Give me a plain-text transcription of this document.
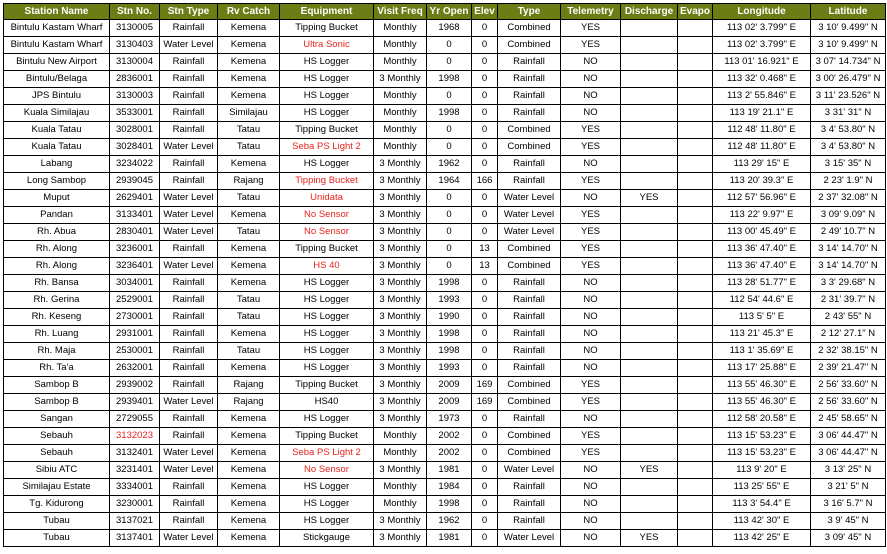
Station Name	Stn No.	Stn Type	Rv Catch	Equipment	Visit Freq	Yr Open	Elev	Type	Telemetry	Discharge	Evapo	Longitude	Latitude
Bintulu Kastam Wharf	3130005	Rainfall	Kemena	Tipping Bucket	Monthly	1968	0	Combined	YES			113 02' 3.799" E	3 10' 9.499" N
Bintulu Kastam Wharf	3130403	Water Level	Kemena	Ultra Sonic	Monthly	0	0	Combined	YES			113 02' 3.799" E	3 10' 9.499" N
Bintulu New Airport	3130004	Rainfall	Kemena	HS Logger	Monthly	0	0	Rainfall	NO			113 01' 16.921" E	3 07' 14.734" N
Bintulu/Belaga	2836001	Rainfall	Kemena	HS Logger	3 Monthly	1998	0	Rainfall	NO			113 32' 0.468" E	3 00' 26.479" N
JPS Bintulu	3130003	Rainfall	Kemena	HS Logger	Monthly	0	0	Rainfall	NO			113 2' 55.846" E	3 11' 23.526" N
Kuala Similajau	3533001	Rainfall	Similajau	HS Logger	Monthly	1998	0	Rainfall	NO			113 19' 21.1" E	3 31' 31" N
Kuala Tatau	3028001	Rainfall	Tatau	Tipping Bucket	Monthly	0	0	Combined	YES			112 48' 11.80" E	3 4' 53.80" N
Kuala Tatau	3028401	Water Level	Tatau	Seba PS Light 2	Monthly	0	0	Combined	YES			112 48' 11.80" E	3 4' 53.80" N
Labang	3234022	Rainfall	Kemena	HS Logger	3 Monthly	1962	0	Rainfall	NO			113 29' 15" E	3 15' 35" N
Long Sambop	2939045	Rainfall	Rajang	Tipping Bucket	3 Monthly	1964	166	Rainfall	YES			113 20' 39.3" E	2 23' 1.9" N
Muput	2629401	Water Level	Tatau	Unidata	3 Monthly	0	0	Water Level	NO	YES		112 57' 56.96" E	2 37' 32.08" N
Pandan	3133401	Water Level	Kemena	No Sensor	3 Monthly	0	0	Water Level	YES			113 22' 9.97" E	3 09' 9.09" N
Rh. Abua	2830401	Water Level	Tatau	No Sensor	3 Monthly	0	0	Water Level	YES			113 00' 45.49" E	2 49' 10.7" N
Rh. Along	3236001	Rainfall	Kemena	Tipping Bucket	3 Monthly	0	13	Combined	YES			113 36' 47.40" E	3 14' 14.70" N
Rh. Along	3236401	Water Level	Kemena	HS 40	3 Monthly	0	13	Combined	YES			113 36' 47.40" E	3 14' 14.70" N
Rh. Bansa	3034001	Rainfall	Kemena	HS Logger	3 Monthly	1998	0	Rainfall	NO			113 28' 51.77" E	3 3' 29.68" N
Rh. Gerina	2529001	Rainfall	Tatau	HS Logger	3 Monthly	1993	0	Rainfall	NO			112 54' 44.6" E	2 31' 39.7" N
Rh. Keseng	2730001	Rainfall	Tatau	HS Logger	3 Monthly	1990	0	Rainfall	NO			113 5' 5" E	2 43' 55" N
Rh. Luang	2931001	Rainfall	Kemena	HS Logger	3 Monthly	1998	0	Rainfall	NO			113 21' 45.3" E	2 12' 27.1" N
Rh. Maja	2530001	Rainfall	Tatau	HS Logger	3 Monthly	1998	0	Rainfall	NO			113 1' 35.69" E	2 32' 38.15" N
Rh. Ta'a	2632001	Rainfall	Kemena	HS Logger	3 Monthly	1993	0	Rainfall	NO			113 17' 25.88" E	2 39' 21.47" N
Sambop B	2939002	Rainfall	Rajang	Tipping Bucket	3 Monthly	2009	169	Combined	YES			113 55' 46.30" E	2 56' 33.60" N
Sambop B	2939401	Water Level	Rajang	HS40	3 Monthly	2009	169	Combined	YES			113 55' 46.30" E	2 56' 33.60" N
Sangan	2729055	Rainfall	Kemena	HS Logger	3 Monthly	1973	0	Rainfall	NO			112 58' 20.58" E	2 45' 58.65" N
Sebauh	3132023	Rainfall	Kemena	Tipping Bucket	Monthly	2002	0	Combined	YES			113 15' 53.23" E	3 06' 44.47" N
Sebauh	3132401	Water Level	Kemena	Seba PS Light 2	Monthly	2002	0	Combined	YES			113 15' 53.23" E	3 06' 44.47" N
Sibiu ATC	3231401	Water Level	Kemena	No Sensor	3 Monthly	1981	0	Water Level	NO	YES		113 9' 20" E	3 13' 25" N
Similajau Estate	3334001	Rainfall	Kemena	HS Logger	Monthly	1984	0	Rainfall	NO			113 25' 55" E	3 21' 5" N
Tg. Kidurong	3230001	Rainfall	Kemena	HS Logger	Monthly	1998	0	Rainfall	NO			113 3' 54.4" E	3 16' 5.7" N
Tubau	3137021	Rainfall	Kemena	HS Logger	3 Monthly	1962	0	Rainfall	NO			113 42' 30" E	3 9' 45" N
Tubau	3137401	Water Level	Kemena	Stickgauge	3 Monthly	1981	0	Water Level	NO	YES		113 42' 25" E	3 09' 45" N
